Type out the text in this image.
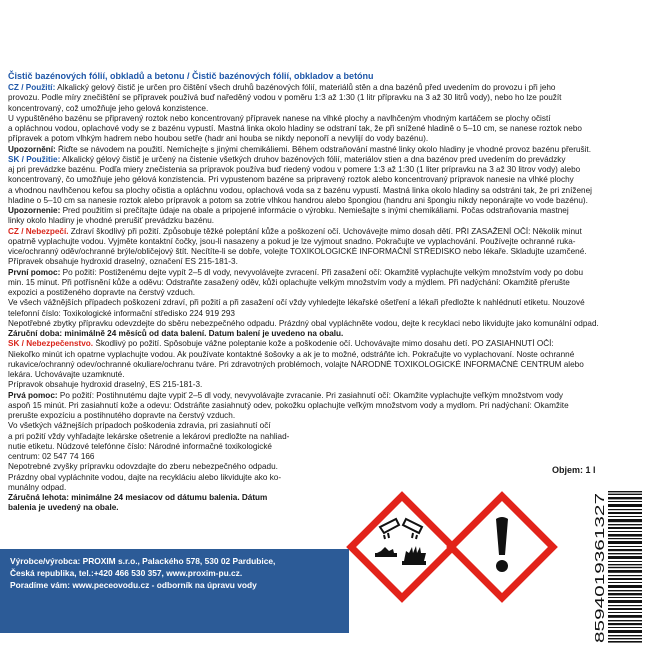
Čistič bazénových fólií, obkladů a betonu / Čistič bazénových fólií, obkladov a betónu
CZ / Použití: Alkalický gelový čistič je určen pro čištění všech druhů bazénových fólií, materiálů stěn a dna bazénů před uvedením do provozu i při jeho
provozu. Podle míry znečištění se přípravek používá buď naředěný vodou v poměru 1:3 až 1:30 (1 litr přípravku na 3 až 30 litrů vody), nebo ho lze použít
koncentrovaný, což umožňuje jeho gelová konzistence.
U vypuštěného bazénu se připravený roztok nebo koncentrovaný přípravek nanese na vlhké plochy a navlhčeným vhodným kartáčem se plochy očistí
a opláchnou vodou, oplachové vody se z bazénu vypustí. Mastná linka okolo hladiny se odstraní tak, že při snížené hladině o 5–10 cm, se nanese roztok nebo
přípravek a potom vlhkým hadrem nebo houbou setře (hadr ani houba se nikdy neponoří a nevylijí do vody bazénu).
Upozornění: Řiďte se návodem na použití. Nemíchejte s jinými chemikáliemi. Během odstraňování mastné linky okolo hladiny je vhodné provoz bazénu přerušit.
SK / Použitie: Alkalický gélový čistič je určený na čistenie všetkých druhov bazénových fólií, materiálov stien a dna bazénov pred uvedením do prevádzky
aj pri prevádzke bazénu. Podľa miery znečistenia sa prípravok používa buď riedený vodou v pomere 1:3 až 1:30 (1 liter prípravku na 3 až 30 litrov vody) alebo
koncentrovaný, čo umožňuje jeho gélová konzistencia. Pri vypustenom bazéne sa pripravený roztok alebo koncentrovaný prípravok nanesie na vlhké plochy
a vhodnou navlhčenou kefou sa plochy očistia a opláchnu vodou, oplachová voda sa z bazénu vypustí. Mastná linka okolo hladiny sa odstráni tak, že pri zníženej
hladine o 5–10 cm sa nanesie roztok alebo prípravok a potom sa zotrie vlhkou handrou alebo špongiou (handru ani špongiu nikdy neponárajte vo vode bazénu).
Upozornenie: Pred použitím si prečítajte údaje na obale a pripojené informácie o výrobku. Nemiešajte s inými chemikáliami. Počas odstraňovania mastnej
linky okolo hladiny je vhodné prerušiť prevádzku bazénu.
CZ / Nebezpečí. Zdraví škodlivý při požití. Způsobuje těžké poleptání kůže a poškození očí. Uchovávejte mimo dosah dětí. PŘI ZASAŽENÍ OČÍ: Několik minut
opatrně vyplachujte vodou. Vyjměte kontaktní čočky, jsou-li nasazeny a pokud je lze vyjmout snadno. Pokračujte ve vyplachování. Používejte ochranné ruka-
vice/ochranný oděv/ochranné brýle/obličejový štít. Necítíte-li se dobře, volejte TOXIKOLOGICKÉ INFORMAČNÍ STŘEDISKO nebo lékaře. Skladujte uzamčené.
Přípravek obsahuje hydroxid draselný, označení ES 215-181-3.
První pomoc: Po požití: Postiženému dejte vypít 2–5 dl vody, nevyvolávejte zvracení. Při zasažení očí: Okamžitě vyplachujte velkým množstvím vody po dobu
min. 15 minut. Při potřísnění kůže a oděvu: Odstraňte zasažený oděv, kůži oplachujte velkým množstvím vody a mýdlem. Při nadýchání: Okamžitě přerušte
expozici a postiženého dopravte na čerstvý vzduch.
Ve všech vážnějších případech poškození zdraví, při požití a při zasažení očí vždy vyhledejte lékařské ošetření a lékaři předložte k nahlédnutí etiketu. Nouzové
telefonní číslo: Toxikologické informační středisko 224 919 293
Nepotřebné zbytky přípravku odevzdejte do sběru nebezpečného odpadu. Prázdný obal vypláchněte vodou, dejte k recyklaci nebo likvidujte jako komunální odpad.
Záruční doba: minimálně 24 měsíců od data balení. Datum balení je uvedeno na obalu.
SK / Nebezpečenstvo. Škodlivý po požití. Spôsobuje vážne poleptanie kože a poškodenie očí. Uchovávajte mimo dosahu detí. PO ZASIAHNUTÍ OČÍ:
Niekoľko minút ich opatrne vyplachujte vodou. Ak používate kontaktné šošovky a ak je to možné, odstráňte ich. Pokračujte vo vyplachovaní. Noste ochranné
rukavice/ochranný odev/ochranné okuliare/ochranu tváre. Pri zdravotných problémoch, volajte NÁRODNÉ TOXIKOLOGICKÉ INFORMAČNÉ CENTRUM alebo
lekára. Uchovávajte uzamknuté.
Prípravok obsahuje hydroxid draselný, ES 215-181-3.
Prvá pomoc: Po požití: Postihnutému dajte vypiť 2–5 dl vody, nevyvolávajte zvracanie. Pri zasiahnutí očí: Okamžite vyplachujte veľkým množstvom vody
aspoň 15 minút. Pri zasiahnutí kože a odevu: Odstráňte zasiahnutý odev, pokožku oplachujte veľkým množstvom vody a mydlom. Pri nadýchaní: Okamžite
prerušte expozíciu a postihnutého dopravte na čerstvý vzduch.
Vo všetkých vážnejších prípadoch poškodenia zdravia, pri zasiahnutí očí
a pri požití vždy vyhľadajte lekárske ošetrenie a lekárovi predložte na nahliad-
nutie etiketu. Núdzové telefónne číslo: Národné informačné toxikologické
centrum: 02 547 74 166
Nepotrebné zvyšky prípravku odovzdajte do zberu nebezpečného odpadu.
Prázdny obal vypláchnite vodou, dajte na recykláciu alebo likvidujte ako ko-
munálny odpad.
Záručná lehota: minimálne 24 mesiacov od dátumu balenia. Dátum
balenia je uvedený na obale.
Objem: 1 l
8594019361327
Výrobce/výrobca: PROXIM s.r.o., Palackého 578, 530 02 Pardubice,
Česká republika, tel.:+420 466 530 357, www.proxim-pu.cz.
Poradíme vám: www.peceovodu.cz - odborník na úpravu vody
